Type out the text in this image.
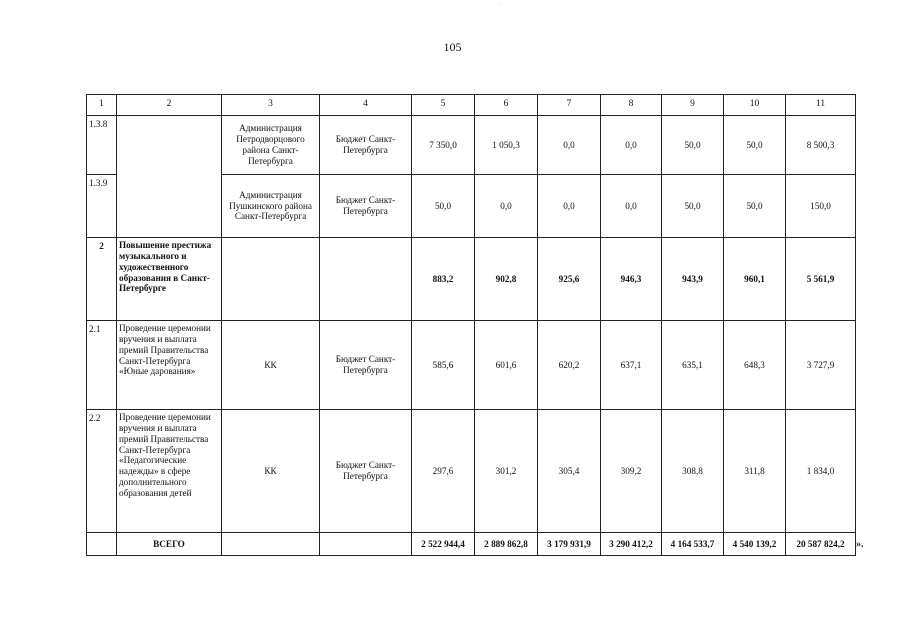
·
105
1	2	3	4	5	6	7	8	9	10	11
1.3.8		Администрация Петродворцового района Санкт-Петербурга	Бюджет Санкт-Петербурга	7 350,0	1 050,3	0,0	0,0	50,0	50,0	8 500,3
1.3.9		Администрация Пушкинского района Санкт-Петербурга	Бюджет Санкт-Петербурга	50,0	0,0	0,0	0,0	50,0	50,0	150,0
2	Повышение престижа музыкального и художественного образования в Санкт-Петербурге			883,2	902,8	925,6	946,3	943,9	960,1	5 561,9
2.1	Проведение церемонии вручения и выплата премий Правительства Санкт-Петербурга «Юные дарования»	КК	Бюджет Санкт-Петербурга	585,6	601,6	620,2	637,1	635,1	648,3	3 727,9
2.2	Проведение церемонии вручения и выплата премий Правительства Санкт-Петербурга «Педагогические надежды» в сфере дополнительного образования детей	КК	Бюджет Санкт-Петербурга	297,6	301,2	305,4	309,2	308,8	311,8	1 834,0
	ВСЕГО			2 522 944,4	2 889 862,8	3 179 931,9	3 290 412,2	4 164 533,7	4 540 139,2	20 587 824,2 ».
